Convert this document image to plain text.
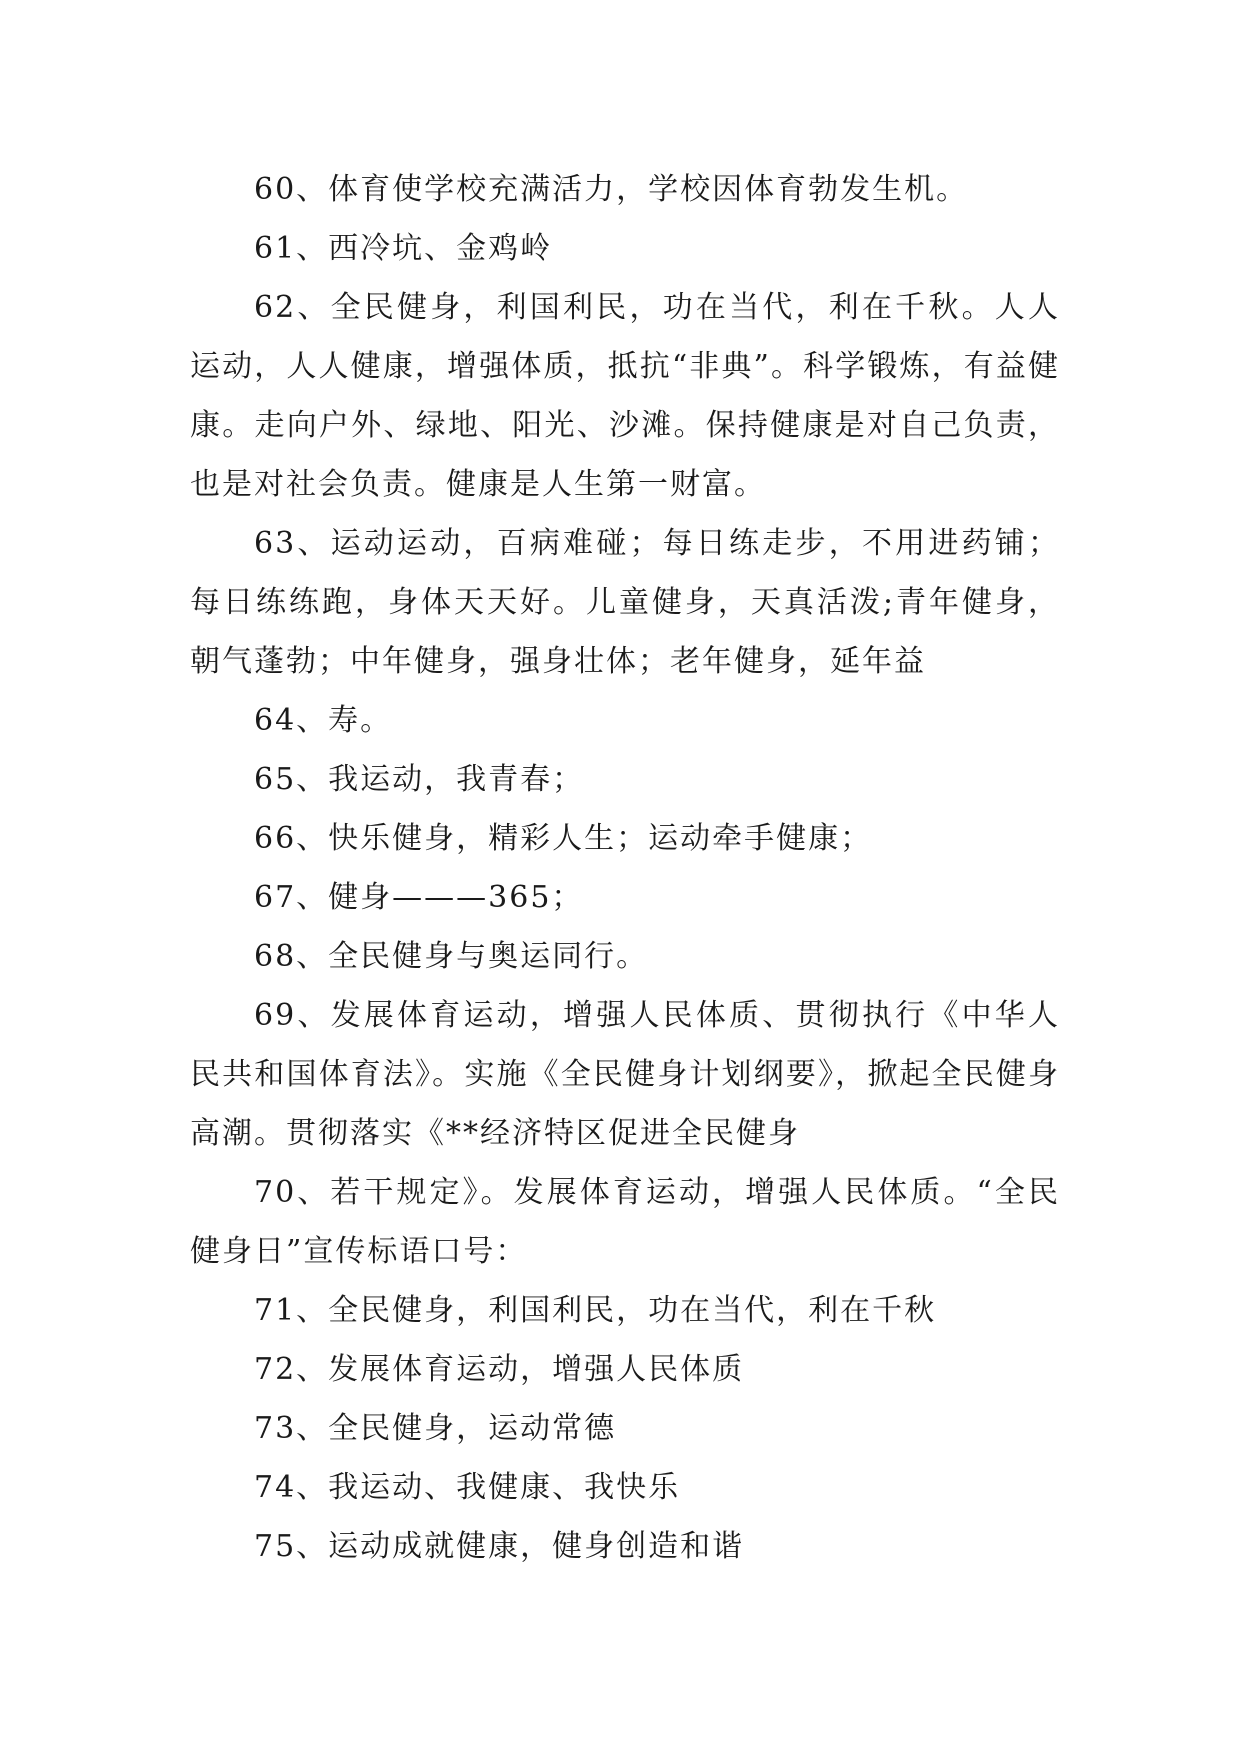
60、体育使学校充满活力，学校因体育勃发生机。

61、西冷坑、金鸡岭

62、全民健身，利国利民，功在当代，利在千秋。人人运动，人人健康，增强体质，抵抗“非典”。科学锻炼，有益健康。走向户外、绿地、阳光、沙滩。保持健康是对自己负责，也是对社会负责。健康是人生第一财富。

63、运动运动，百病难碰；每日练走步，不用进药铺；每日练练跑，身体天天好。儿童健身，天真活泼;青年健身，朝气蓬勃；中年健身，强身壮体；老年健身，延年益

64、寿。

65、我运动，我青春；

66、快乐健身，精彩人生；运动牵手健康；

67、健身———365；

68、全民健身与奥运同行。

69、发展体育运动，增强人民体质、贯彻执行《中华人民共和国体育法》。实施《全民健身计划纲要》，掀起全民健身高潮。贯彻落实《**经济特区促进全民健身

70、若干规定》。发展体育运动，增强人民体质。“全民健身日”宣传标语口号：

71、全民健身，利国利民，功在当代，利在千秋

72、发展体育运动，增强人民体质

73、全民健身，运动常德

74、我运动、我健康、我快乐

75、运动成就健康，健身创造和谐
